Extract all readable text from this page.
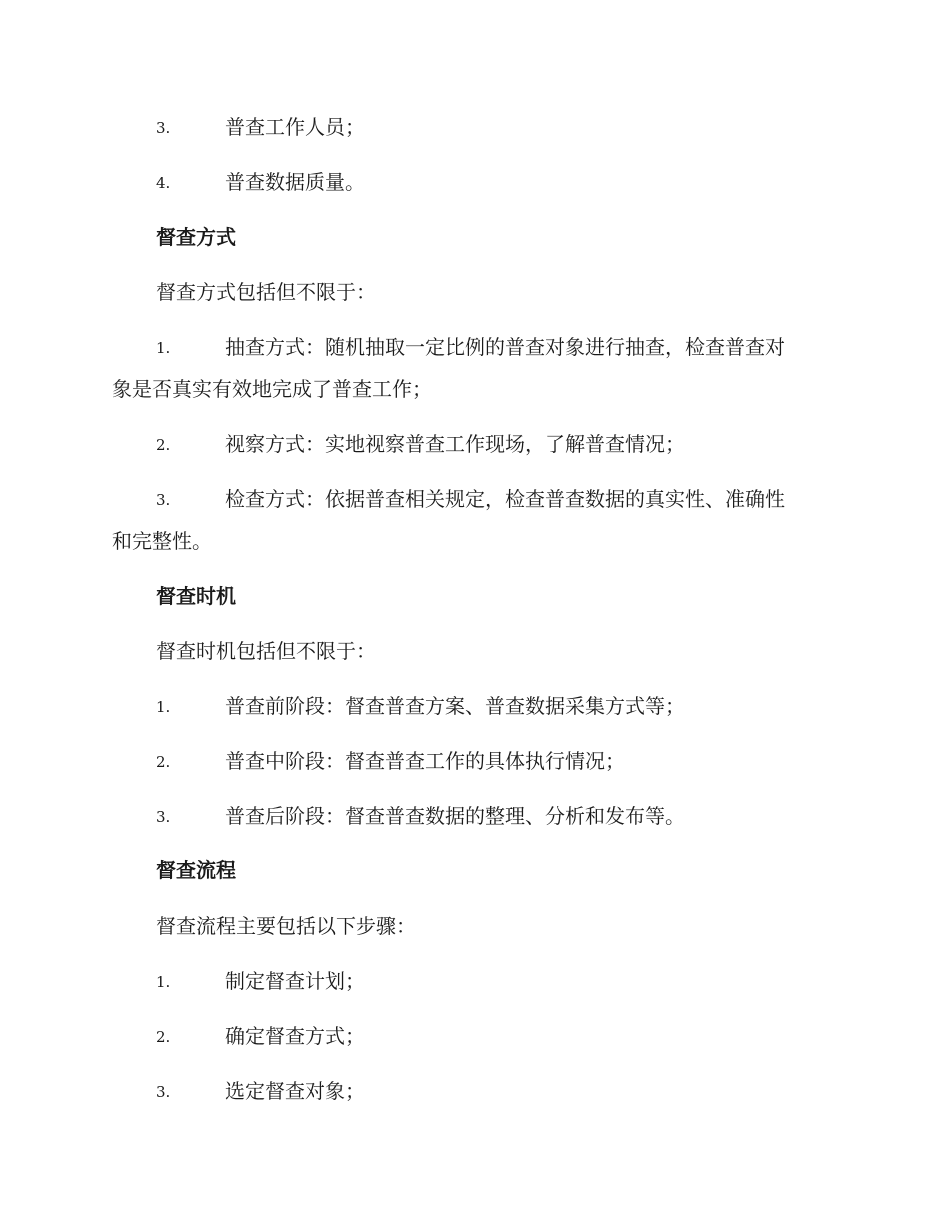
3.	普查工作人员；
4.	普查数据质量。
督查方式
督查方式包括但不限于：
1.	抽查方式：随机抽取一定比例的普查对象进行抽查，检查普查对
象是否真实有效地完成了普查工作；
2.	视察方式：实地视察普查工作现场，了解普查情况；
3.	检查方式：依据普查相关规定，检查普查数据的真实性、准确性
和完整性。
督查时机
督查时机包括但不限于：
1.	普查前阶段：督查普查方案、普查数据采集方式等；
2.	普查中阶段：督查普查工作的具体执行情况；
3.	普查后阶段：督查普查数据的整理、分析和发布等。
督查流程
督查流程主要包括以下步骤：
1.	制定督查计划；
2.	确定督查方式；
3.	选定督查对象；
